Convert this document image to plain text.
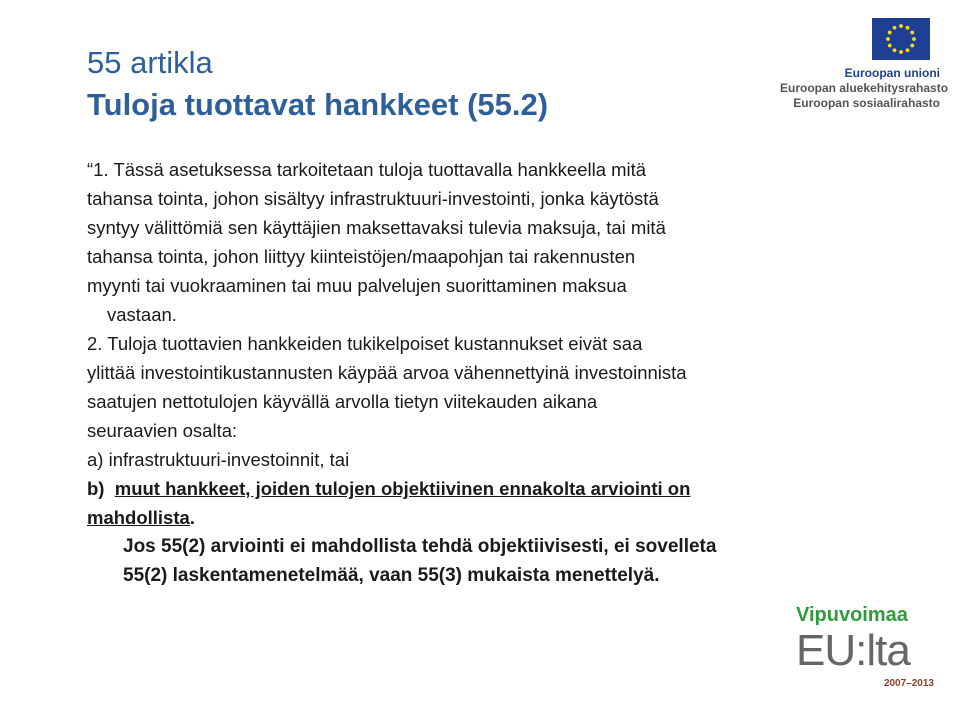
55 artikla
Tuloja tuottavat hankkeet (55.2)
Euroopan unioni
Euroopan aluekehitysrahasto
Euroopan sosiaalirahasto

“1. Tässä asetuksessa tarkoitetaan tuloja tuottavalla hankkeella mitä
tahansa tointa, johon sisältyy infrastruktuuri-investointi, jonka käytöstä
syntyy välittömiä sen käyttäjien maksettavaksi tulevia maksuja, tai mitä
tahansa tointa, johon liittyy kiinteistöjen/maapohjan tai rakennusten
myynti tai vuokraaminen tai muu palvelujen suorittaminen maksua
vastaan.

2. Tuloja tuottavien hankkeiden tukikelpoiset kustannukset eivät saa
ylittää investointikustannusten käypää arvoa vähennettyinä investoinnista
saatujen nettotulojen käyvällä arvolla tietyn viitekauden aikana
seuraavien osalta:

a) infrastruktuuri-investoinnit, tai

b)  muut hankkeet, joiden tulojen objektiivinen ennakolta arviointi on
mahdollista.

Jos 55(2) arviointi ei mahdollista tehdä objektiivisesti, ei sovelleta
55(2) laskentamenetelmää, vaan 55(3) mukaista menettelyä.

Vipuvoimaa
EU:lta
2007–2013
